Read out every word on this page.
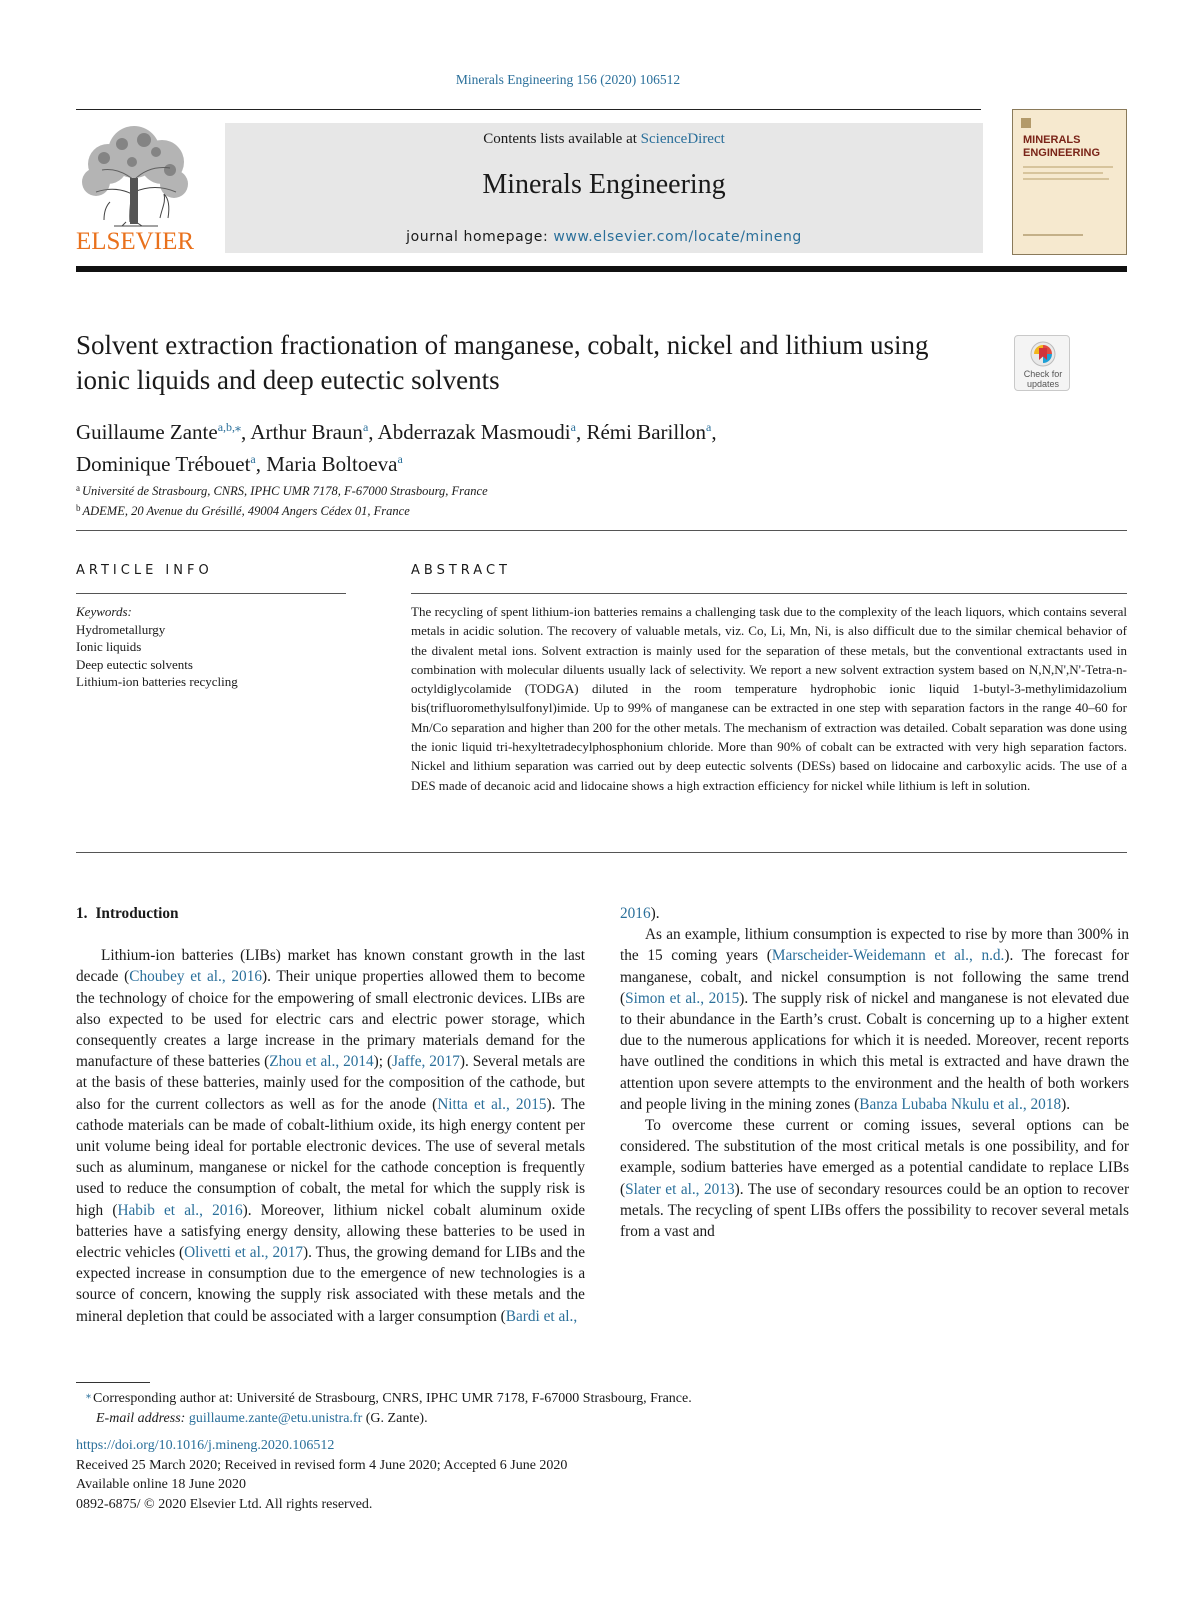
Minerals Engineering 156 (2020) 106512
ELSEVIER
Contents lists available at ScienceDirect
Minerals Engineering
journal homepage: www.elsevier.com/locate/mineng
MINERALS ENGINEERING
Solvent extraction fractionation of manganese, cobalt, nickel and lithium using ionic liquids and deep eutectic solvents	Check for updates
Guillaume Zante$^{a,b,⁎}$, Arthur Braun$^a$, Abderrazak Masmoudi$^a$, Rémi Barillon$^a$,
Dominique Trébouet$^a$, Maria Boltoeva$^a$
$^a$ Université de Strasbourg, CNRS, IPHC UMR 7178, F-67000 Strasbourg, France
$^b$ ADEME, 20 Avenue du Grésillé, 49004 Angers Cédex 01, France
ARTICLE INFO	ABSTRACT
Keywords:
Hydrometallurgy
Ionic liquids
Deep eutectic solvents
Lithium-ion batteries recycling
The recycling of spent lithium-ion batteries remains a challenging task due to the complexity of the leach liquors, which contains several metals in acidic solution. The recovery of valuable metals, viz. Co, Li, Mn, Ni, is also difficult due to the similar chemical behavior of the divalent metal ions. Solvent extraction is mainly used for the separation of these metals, but the conventional extractants used in combination with molecular diluents usually lack of selectivity. We report a new solvent extraction system based on N,N,N',N'-Tetra-n-octyldiglycolamide (TODGA) diluted in the room temperature hydrophobic ionic liquid 1-butyl-3-methylimidazolium bis(trifluoromethylsulfonyl)imide. Up to 99% of manganese can be extracted in one step with separation factors in the range 40–60 for Mn/Co separation and higher than 200 for the other metals. The mechanism of extraction was detailed. Cobalt separation was done using the ionic liquid tri-hexyltetradecylphosphonium chloride. More than 90% of cobalt can be extracted with very high separation factors. Nickel and lithium separation was carried out by deep eutectic solvents (DESs) based on lidocaine and carboxylic acids. The use of a DES made of decanoic acid and lidocaine shows a high extraction efficiency for nickel while lithium is left in solution.
1. Introduction

Lithium-ion batteries (LIBs) market has known constant growth in the last decade (Choubey et al., 2016). Their unique properties allowed them to become the technology of choice for the empowering of small electronic devices. LIBs are also expected to be used for electric cars and electric power storage, which consequently creates a large increase in the primary materials demand for the manufacture of these batteries (Zhou et al., 2014); (Jaffe, 2017). Several metals are at the basis of these batteries, mainly used for the composition of the cathode, but also for the current collectors as well as for the anode (Nitta et al., 2015). The cathode materials can be made of cobalt-lithium oxide, its high energy content per unit volume being ideal for portable electronic devices. The use of several metals such as aluminum, manganese or nickel for the cathode conception is frequently used to reduce the consumption of cobalt, the metal for which the supply risk is high (Habib et al., 2016). Moreover, lithium nickel cobalt aluminum oxide batteries have a satisfying energy density, allowing these batteries to be used in electric vehicles (Olivetti et al., 2017). Thus, the growing demand for LIBs and the expected increase in consumption due to the emergence of new technologies is a source of concern, knowing the supply risk associated with these metals and the mineral depletion that could be associated with a larger consumption (Bardi et al.,

2016).

As an example, lithium consumption is expected to rise by more than 300% in the 15 coming years (Marscheider-Weidemann et al., n.d.). The forecast for manganese, cobalt, and nickel consumption is not following the same trend (Simon et al., 2015). The supply risk of nickel and manganese is not elevated due to their abundance in the Earth’s crust. Cobalt is concerning up to a higher extent due to the numerous applications for which it is needed. Moreover, recent reports have outlined the conditions in which this metal is extracted and have drawn the attention upon severe attempts to the environment and the health of both workers and people living in the mining zones (Banza Lubaba Nkulu et al., 2018).

To overcome these current or coming issues, several options can be considered. The substitution of the most critical metals is one possibility, and for example, sodium batteries have emerged as a potential candidate to replace LIBs (Slater et al., 2013). The use of secondary resources could be an option to recover metals. The recycling of spent LIBs offers the possibility to recover several metals from a vast and

⁎ Corresponding author at: Université de Strasbourg, CNRS, IPHC UMR 7178, F-67000 Strasbourg, France.
E-mail address: guillaume.zante@etu.unistra.fr (G. Zante).
https://doi.org/10.1016/j.mineng.2020.106512
Received 25 March 2020; Received in revised form 4 June 2020; Accepted 6 June 2020
Available online 18 June 2020
0892-6875/ © 2020 Elsevier Ltd. All rights reserved.
